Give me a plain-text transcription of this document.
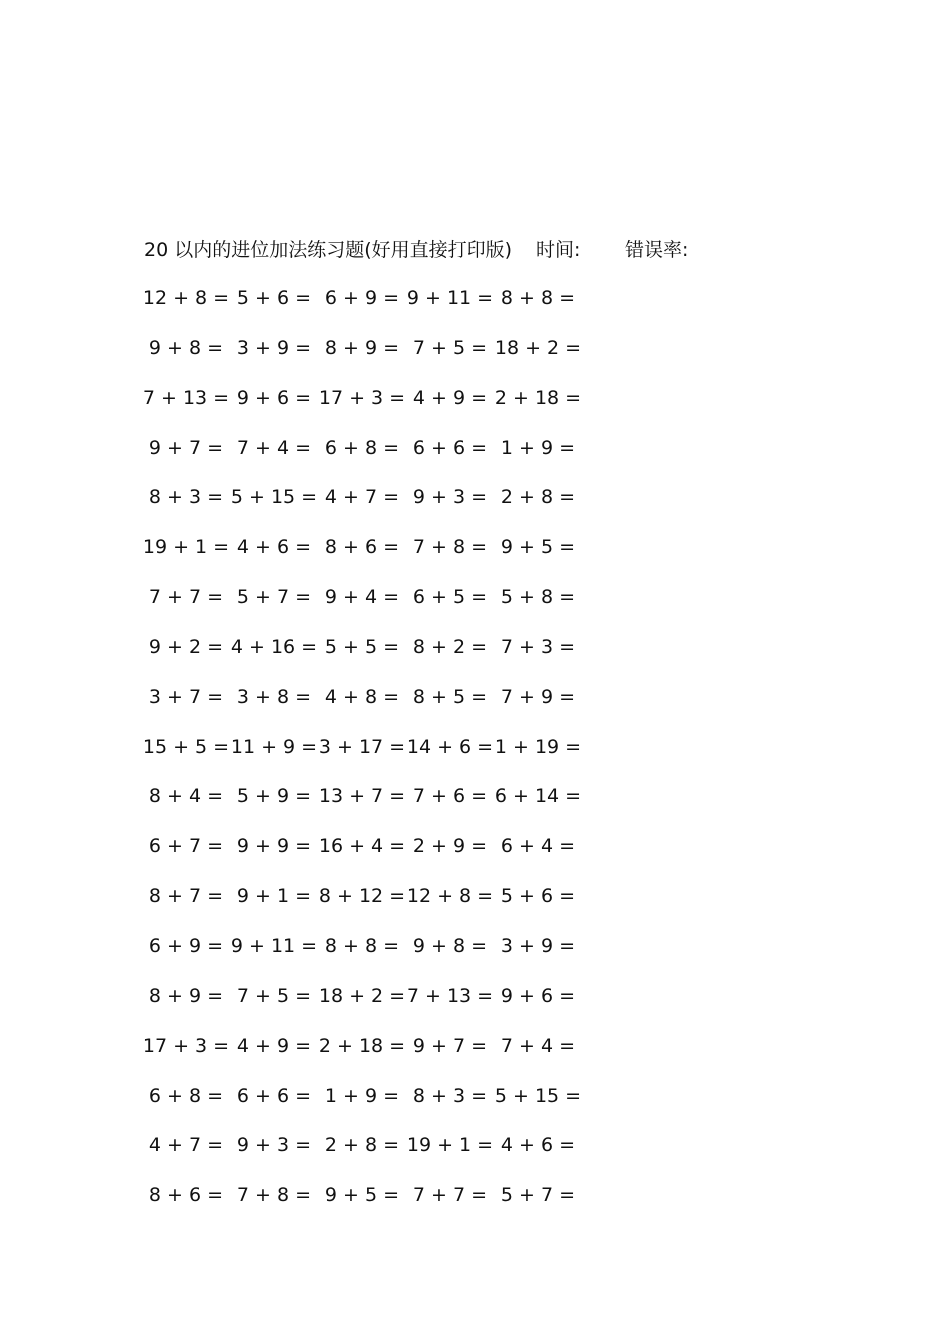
20 以内的进位加法练习题(好用直接打印版) 时间: 错误率:
12 + 8 = 5 + 6 = 6 + 9 = 9 + 11 = 8 + 8 =
9 + 8 = 3 + 9 = 8 + 9 = 7 + 5 = 18 + 2 =
7 + 13 = 9 + 6 = 17 + 3 = 4 + 9 = 2 + 18 =
9 + 7 = 7 + 4 = 6 + 8 = 6 + 6 = 1 + 9 =
8 + 3 = 5 + 15 = 4 + 7 = 9 + 3 = 2 + 8 =
19 + 1 = 4 + 6 = 8 + 6 = 7 + 8 = 9 + 5 =
7 + 7 = 5 + 7 = 9 + 4 = 6 + 5 = 5 + 8 =
9 + 2 = 4 + 16 = 5 + 5 = 8 + 2 = 7 + 3 =
3 + 7 = 3 + 8 = 4 + 8 = 8 + 5 = 7 + 9 =
15 + 5 = 11 + 9 = 3 + 17 = 14 + 6 = 1 + 19 =
8 + 4 = 5 + 9 = 13 + 7 = 7 + 6 = 6 + 14 =
6 + 7 = 9 + 9 = 16 + 4 = 2 + 9 = 6 + 4 =
8 + 7 = 9 + 1 = 8 + 12 = 12 + 8 = 5 + 6 =
6 + 9 = 9 + 11 = 8 + 8 = 9 + 8 = 3 + 9 =
8 + 9 = 7 + 5 = 18 + 2 = 7 + 13 = 9 + 6 =
17 + 3 = 4 + 9 = 2 + 18 = 9 + 7 = 7 + 4 =
6 + 8 = 6 + 6 = 1 + 9 = 8 + 3 = 5 + 15 =
4 + 7 = 9 + 3 = 2 + 8 = 19 + 1 = 4 + 6 =
8 + 6 = 7 + 8 = 9 + 5 = 7 + 7 = 5 + 7 =
